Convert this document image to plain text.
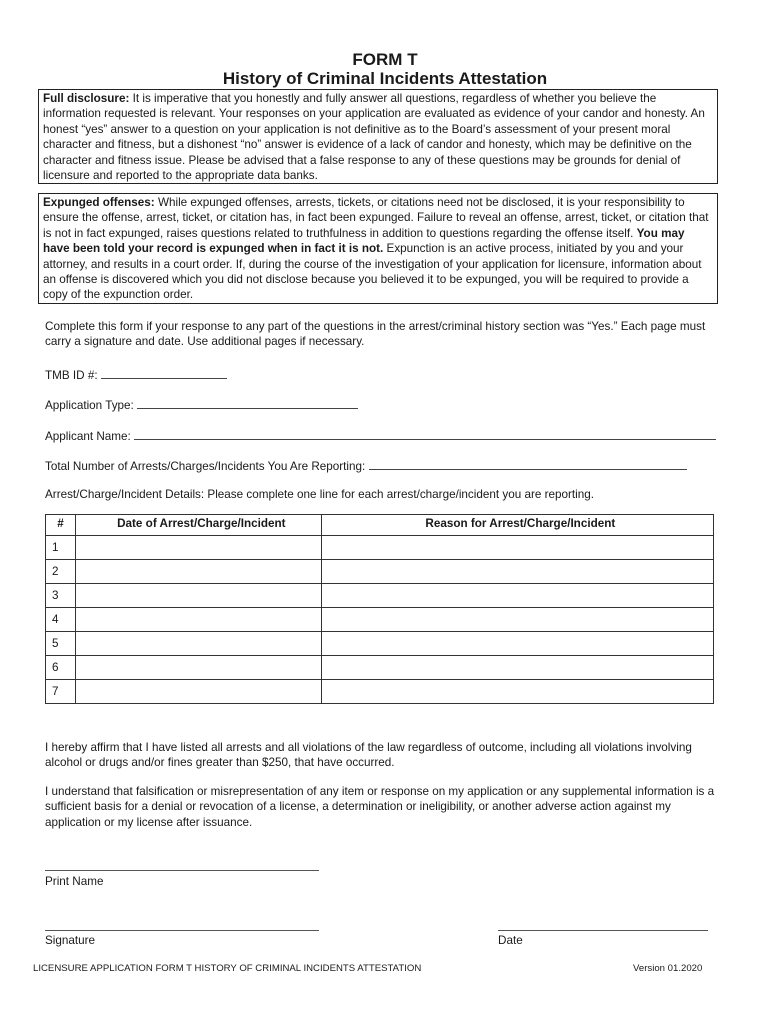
FORM T
History of Criminal Incidents Attestation
Full disclosure: It is imperative that you honestly and fully answer all questions, regardless of whether you believe the information requested is relevant. Your responses on your application are evaluated as evidence of your candor and honesty. An honest “yes” answer to a question on your application is not definitive as to the Board’s assessment of your present moral character and fitness, but a dishonest “no” answer is evidence of a lack of candor and honesty, which may be definitive on the character and fitness issue. Please be advised that a false response to any of these questions may be grounds for denial of licensure and reported to the appropriate data banks.
Expunged offenses: While expunged offenses, arrests, tickets, or citations need not be disclosed, it is your responsibility to ensure the offense, arrest, ticket, or citation has, in fact been expunged. Failure to reveal an offense, arrest, ticket, or citation that is not in fact expunged, raises questions related to truthfulness in addition to questions regarding the offense itself. You may have been told your record is expunged when in fact it is not. Expunction is an active process, initiated by you and your attorney, and results in a court order. If, during the course of the investigation of your application for licensure, information about an offense is discovered which you did not disclose because you believed it to be expunged, you will be required to provide a copy of the expunction order.

Complete this form if your response to any part of the questions in the arrest/criminal history section was “Yes.” Each page must carry a signature and date. Use additional pages if necessary.

TMB ID #:
Application Type:
Applicant Name:
Total Number of Arrests/Charges/Incidents You Are Reporting:
Arrest/Charge/Incident Details: Please complete one line for each arrest/charge/incident you are reporting.
#	Date of Arrest/Charge/Incident	Reason for Arrest/Charge/Incident
1		
2		
3		
4		
5		
6		
7		

I hereby affirm that I have listed all arrests and all violations of the law regardless of outcome, including all violations involving alcohol or drugs and/or fines greater than $250, that have occurred.

I understand that falsification or misrepresentation of any item or response on my application or any supplemental information is a sufficient basis for a denial or revocation of a license, a determination or ineligibility, or another adverse action against my application or my license after issuance.

Print Name
Signature	Date
LICENSURE APPLICATION FORM T HISTORY OF CRIMINAL INCIDENTS ATTESTATION	Version 01.2020
